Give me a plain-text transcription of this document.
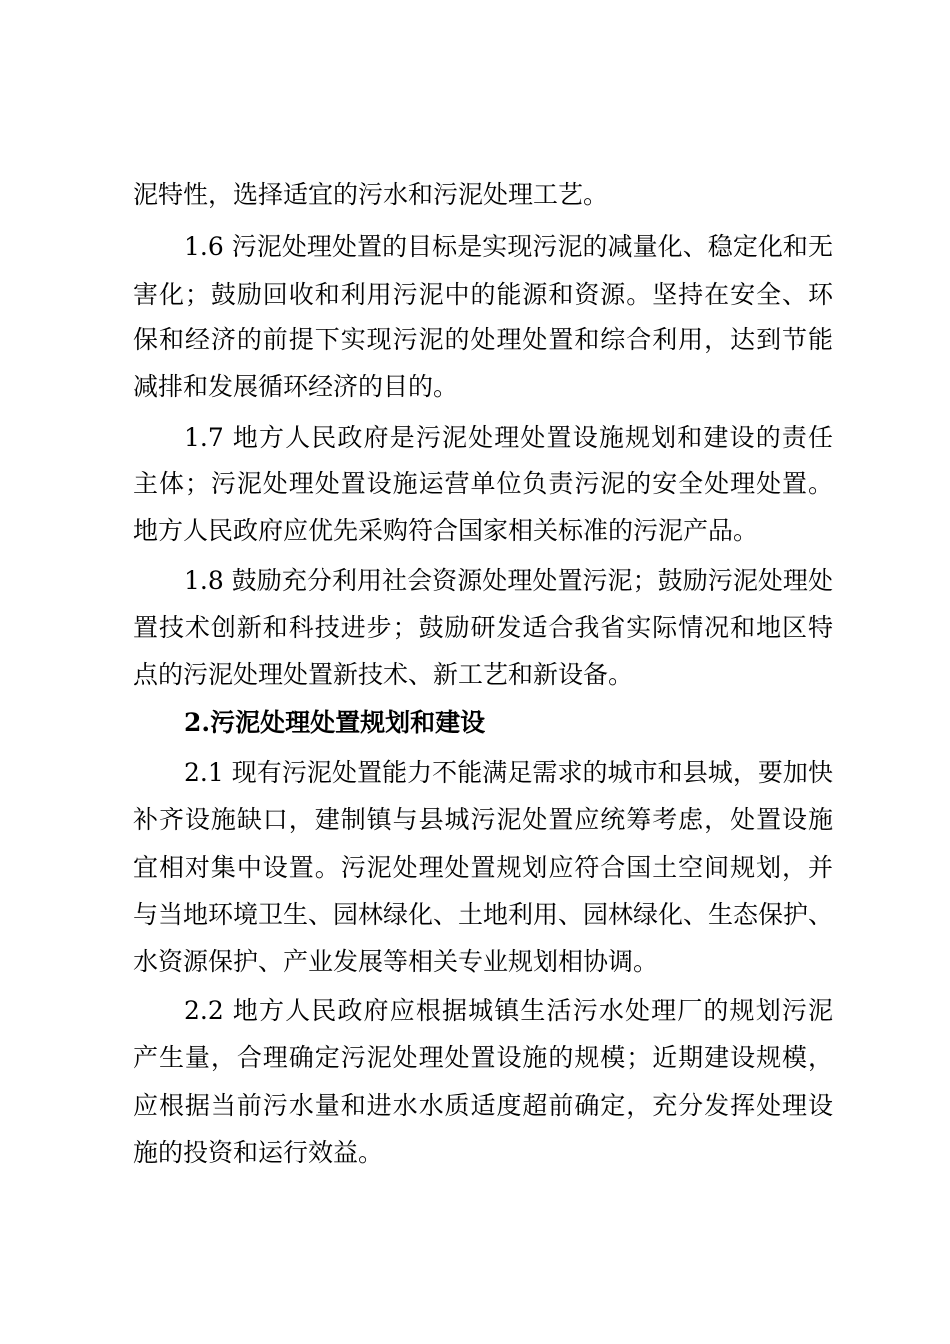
泥特性，选择适宜的污水和污泥处理工艺。
1.6 污泥处理处置的目标是实现污泥的减量化、稳定化和无
害化；鼓励回收和利用污泥中的能源和资源。坚持在安全、环
保和经济的前提下实现污泥的处理处置和综合利用，达到节能
减排和发展循环经济的目的。
1.7 地方人民政府是污泥处理处置设施规划和建设的责任
主体；污泥处理处置设施运营单位负责污泥的安全处理处置。
地方人民政府应优先采购符合国家相关标准的污泥产品。
1.8 鼓励充分利用社会资源处理处置污泥；鼓励污泥处理处
置技术创新和科技进步；鼓励研发适合我省实际情况和地区特
点的污泥处理处置新技术、新工艺和新设备。
2.污泥处理处置规划和建设
2.1 现有污泥处置能力不能满足需求的城市和县城，要加快
补齐设施缺口，建制镇与县城污泥处置应统筹考虑，处置设施
宜相对集中设置。污泥处理处置规划应符合国土空间规划，并
与当地环境卫生、园林绿化、土地利用、园林绿化、生态保护、
水资源保护、产业发展等相关专业规划相协调。
2.2 地方人民政府应根据城镇生活污水处理厂的规划污泥
产生量，合理确定污泥处理处置设施的规模；近期建设规模，
应根据当前污水量和进水水质适度超前确定，充分发挥处理设
施的投资和运行效益。
